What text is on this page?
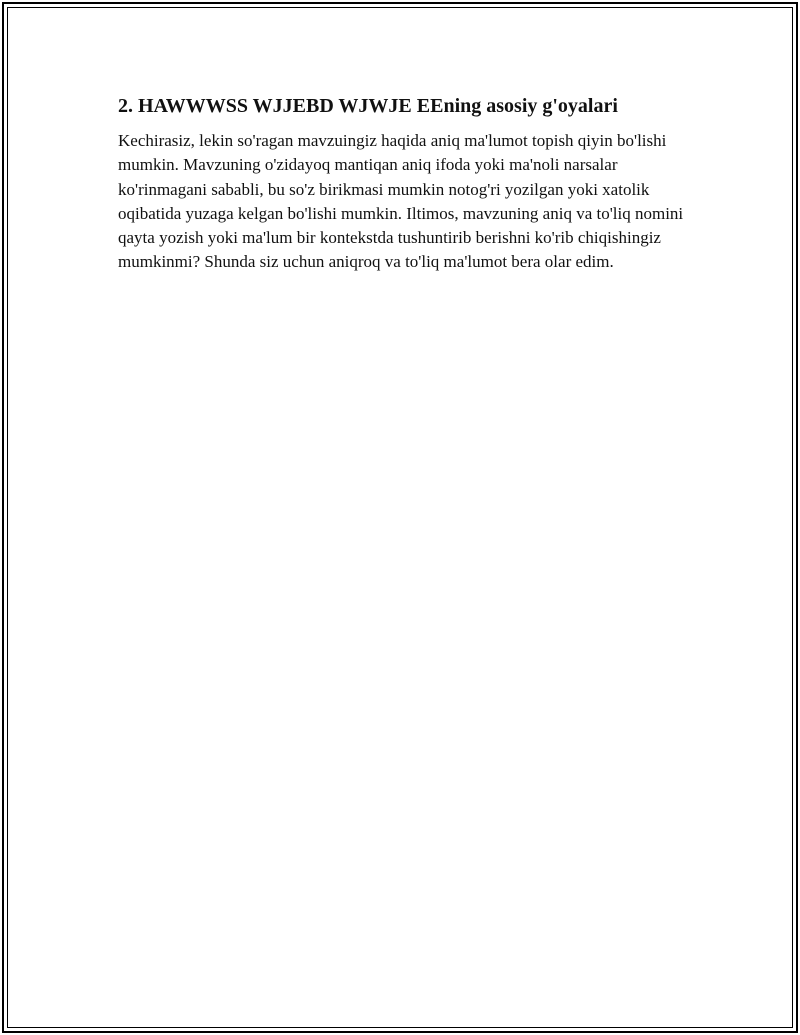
2. HAWWWSS WJJEBD WJWJE EEning asosiy g'oyalari

Kechirasiz, lekin so'ragan mavzuingiz haqida aniq ma'lumot topish qiyin bo'lishi mumkin. Mavzuning o'zidayoq mantiqan aniq ifoda yoki ma'noli narsalar ko'rinmagani sababli, bu so'z birikmasi mumkin notog'ri yozilgan yoki xatolik oqibatida yuzaga kelgan bo'lishi mumkin. Iltimos, mavzuning aniq va to'liq nomini qayta yozish yoki ma'lum bir kontekstda tushuntirib berishni ko'rib chiqishingiz mumkinmi? Shunda siz uchun aniqroq va to'liq ma'lumot bera olar edim.
